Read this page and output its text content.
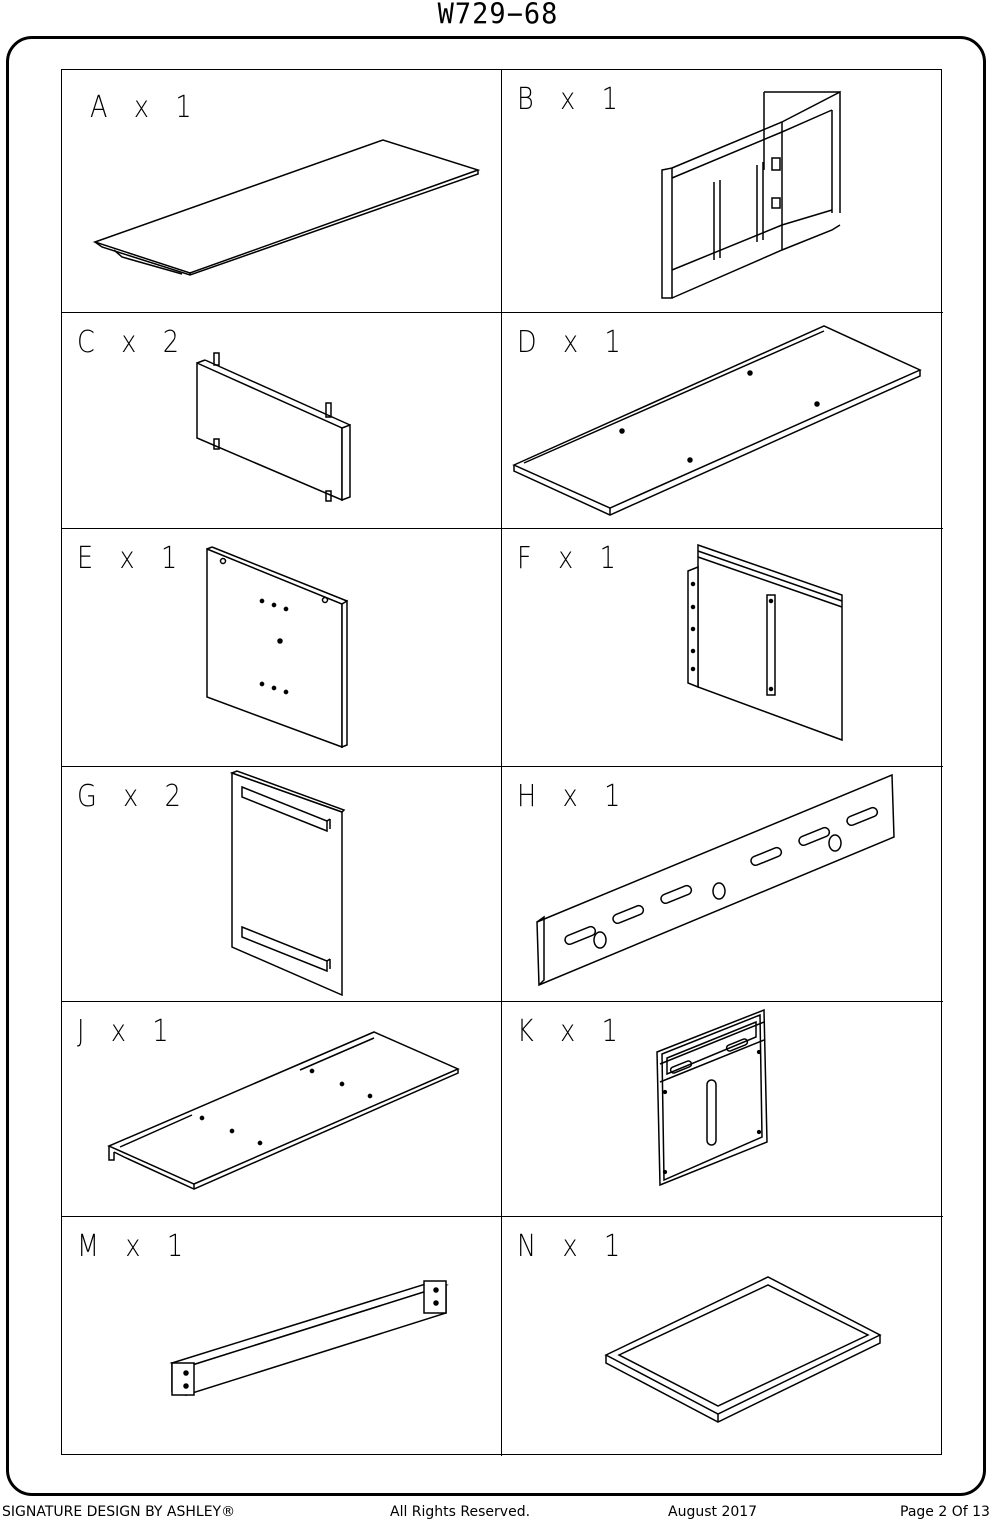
W729−68
A  x  1	B  x  1
C  x  2	D  x  1
E  x  1	F  x  1
G  x  2	H  x  1
J  x  1	K  x  1
M  x  1	N  x  1
SIGNATURE DESIGN BY ASHLEY®	All Rights Reserved.	August 2017	Page 2 Of 13
